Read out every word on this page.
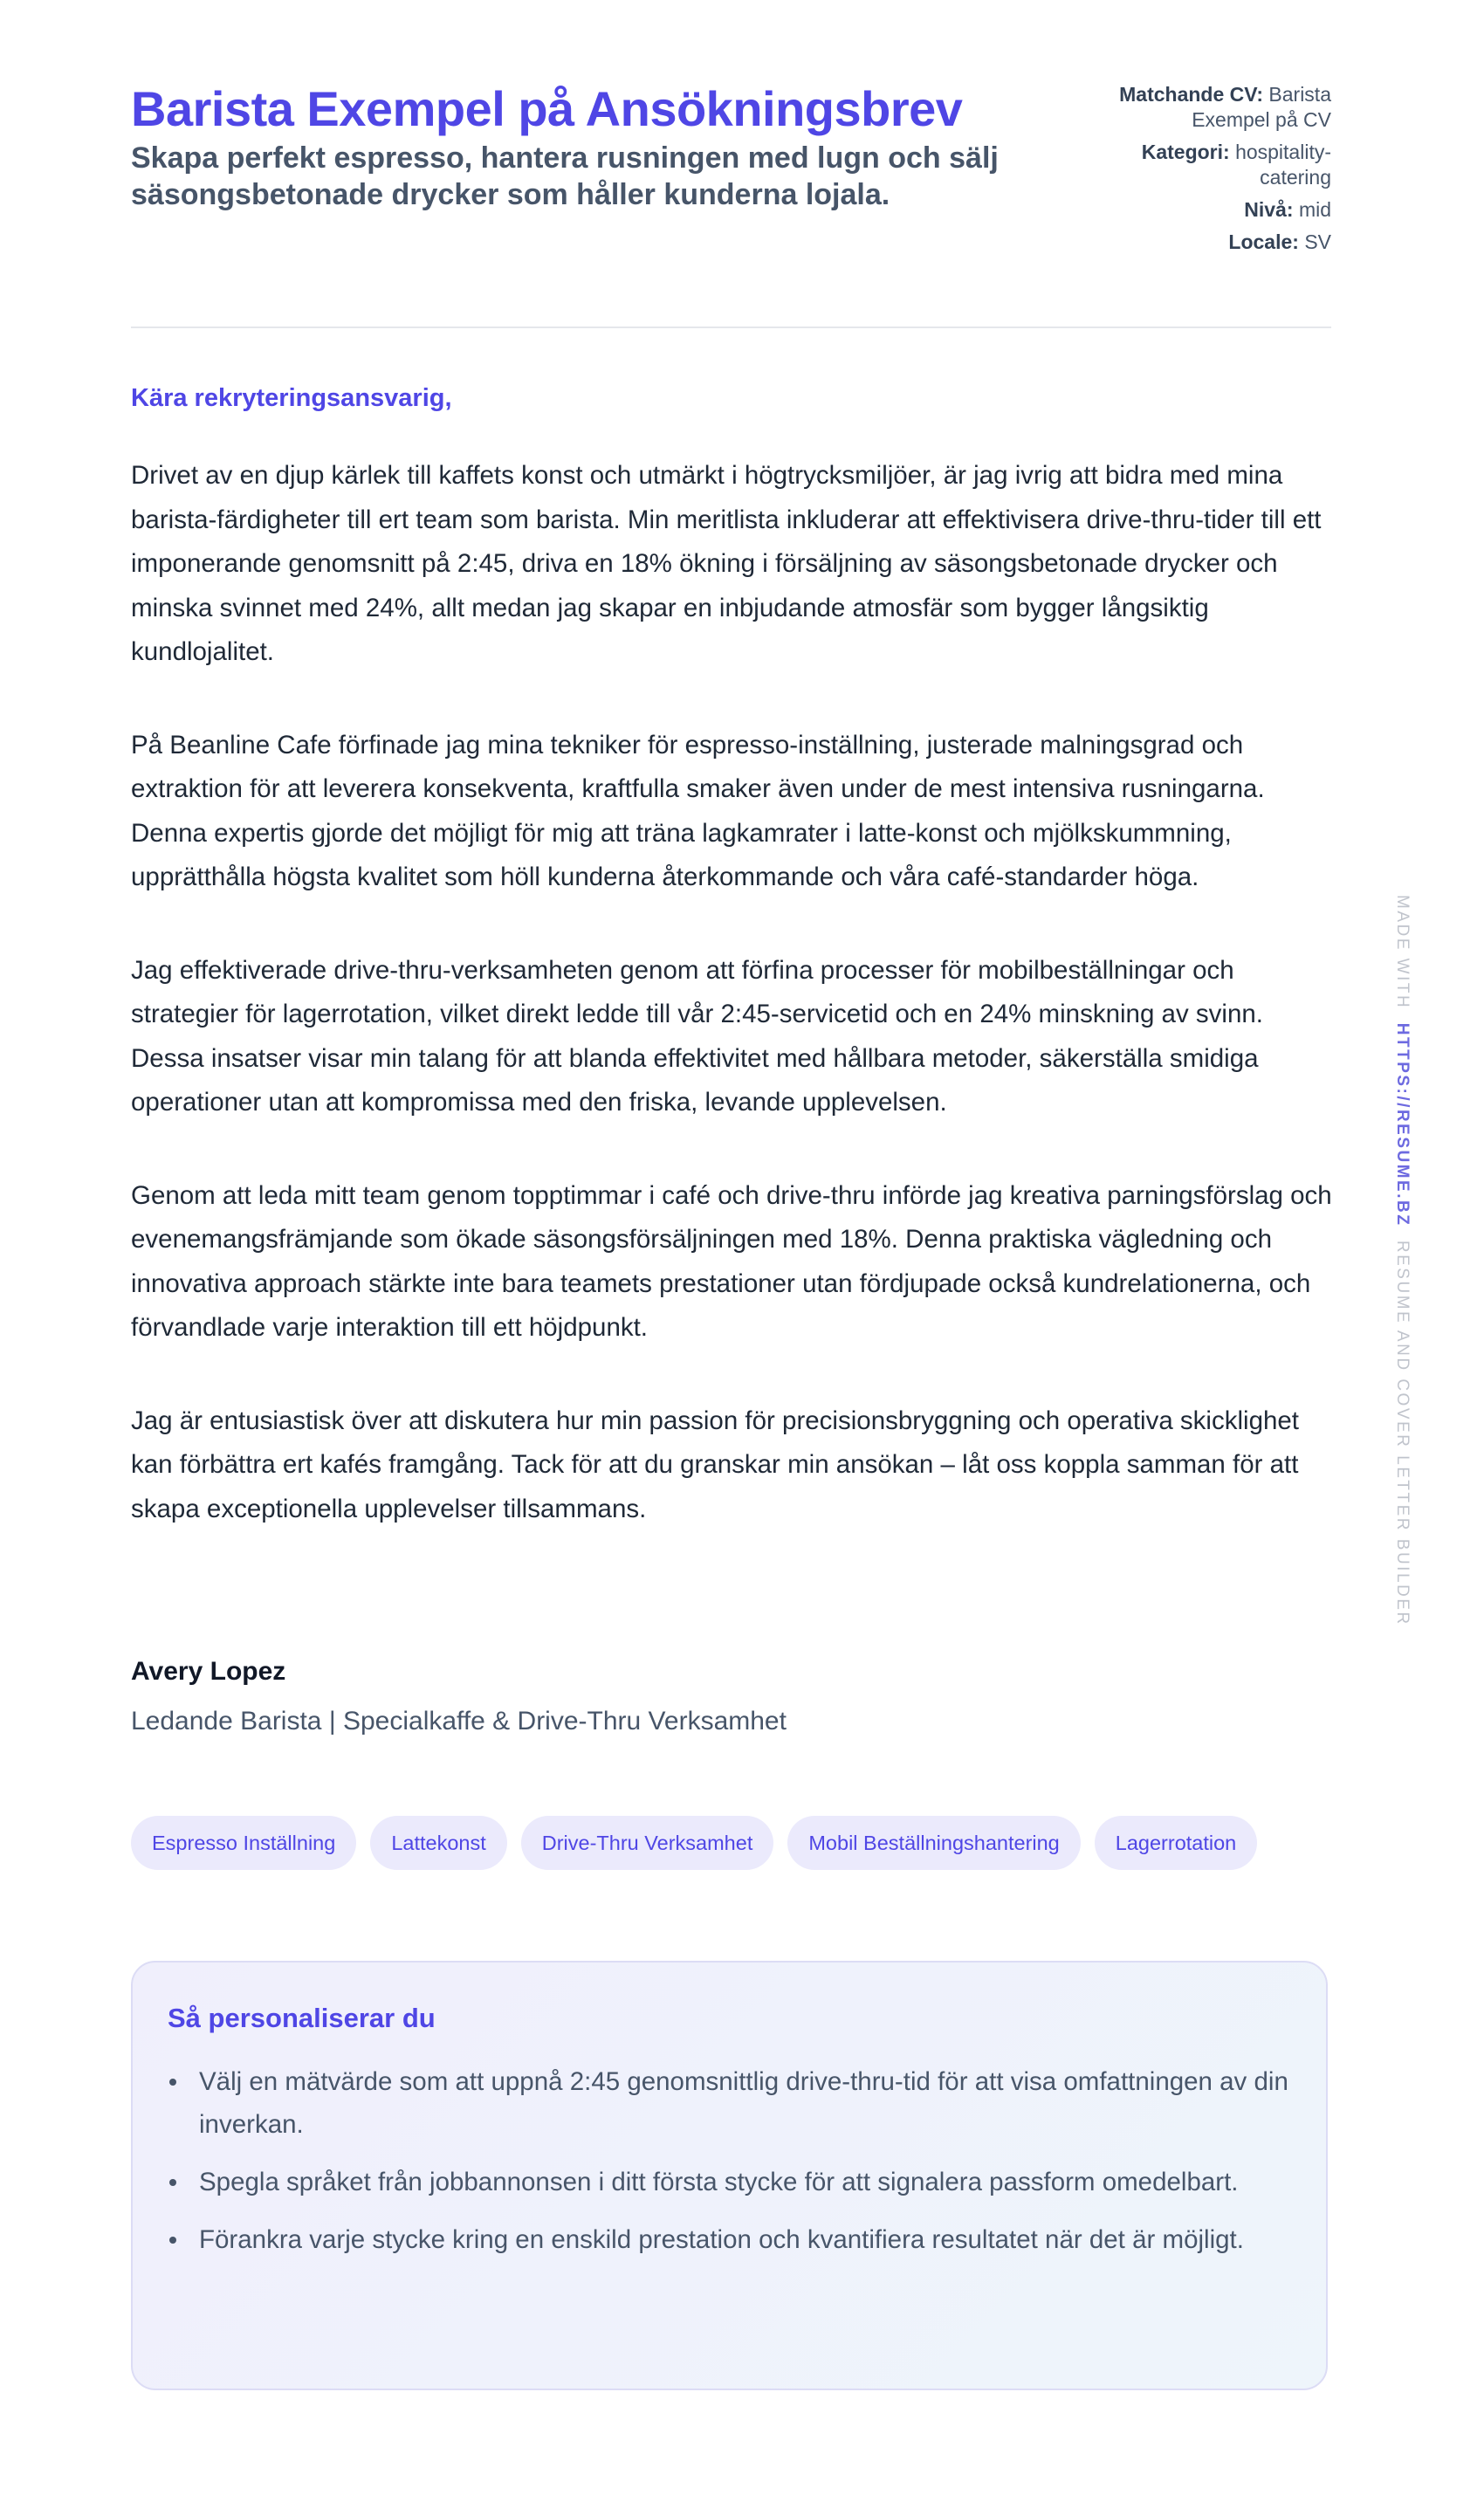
Barista Exempel på Ansökningsbrev
Skapa perfekt espresso, hantera rusningen med lugn och sälj säsongsbetonade drycker som håller kunderna lojala.
Matchande CV: Barista Exempel på CV
Kategori: hospitality-catering
Nivå: mid
Locale: SV

Kära rekryteringsansvarig,

Drivet av en djup kärlek till kaffets konst och utmärkt i högtrycksmiljöer, är jag ivrig att bidra med mina barista-färdigheter till ert team som barista. Min meritlista inkluderar att effektivisera drive-thru-tider till ett imponerande genomsnitt på 2:45, driva en 18% ökning i försäljning av säsongsbetonade drycker och minska svinnet med 24%, allt medan jag skapar en inbjudande atmosfär som bygger långsiktig kundlojalitet.

På Beanline Cafe förfinade jag mina tekniker för espresso-inställning, justerade malningsgrad och extraktion för att leverera konsekventa, kraftfulla smaker även under de mest intensiva rusningarna. Denna expertis gjorde det möjligt för mig att träna lagkamrater i latte-konst och mjölkskummning, upprätthålla högsta kvalitet som höll kunderna återkommande och våra café-standarder höga.

Jag effektiverade drive-thru-verksamheten genom att förfina processer för mobilbeställningar och strategier för lagerrotation, vilket direkt ledde till vår 2:45-servicetid och en 24% minskning av svinn. Dessa insatser visar min talang för att blanda effektivitet med hållbara metoder, säkerställa smidiga operationer utan att kompromissa med den friska, levande upplevelsen.

Genom att leda mitt team genom topptimmar i café och drive-thru införde jag kreativa parningsförslag och evenemangsfrämjande som ökade säsongsförsäljningen med 18%. Denna praktiska vägledning och innovativa approach stärkte inte bara teamets prestationer utan fördjupade också kundrelationerna, och förvandlade varje interaktion till ett höjdpunkt.

Jag är entusiastisk över att diskutera hur min passion för precisionsbryggning och operativa skicklighet kan förbättra ert kafés framgång. Tack för att du granskar min ansökan – låt oss koppla samman för att skapa exceptionella upplevelser tillsammans.

Avery Lopez
Ledande Barista | Specialkaffe & Drive-Thru Verksamhet
Espresso Inställning	Lattekonst	Drive-Thru Verksamhet	Mobil Beställningshantering	Lagerrotation
Så personaliserar du
Välj en mätvärde som att uppnå 2:45 genomsnittlig drive-thru-tid för att visa omfattningen av din inverkan.
Spegla språket från jobbannonsen i ditt första stycke för att signalera passform omedelbart.
Förankra varje stycke kring en enskild prestation och kvantifiera resultatet när det är möjligt.
MADE WITH  HTTPS://RESUME.BZ  RESUME AND COVER LETTER BUILDER
